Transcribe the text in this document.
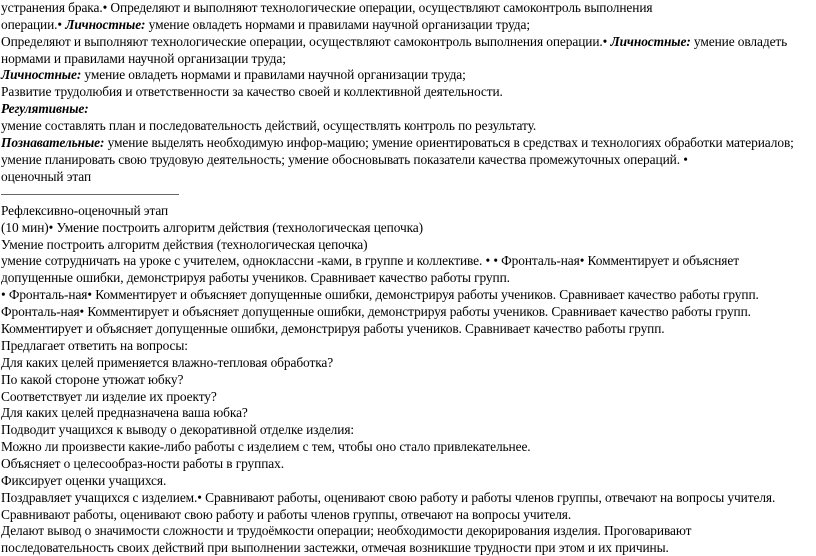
устранения брака.• Определяют и выполняют технологические операции, осуществляют самоконтроль выполнения
операции.• Личностные: умение овладеть нормами и правилами научной организации труда;
Определяют и выполняют технологические операции, осуществляют самоконтроль выполнения операции.• Личностные: умение овладеть
нормами и правилами научной организации труда;
Личностные: умение овладеть нормами и правилами научной организации труда;
Развитие трудолюбия и ответственности за качество своей и коллективной деятельности.
Регулятивные:
умение составлять план и последовательность действий, осуществлять контроль по результату.
Познавательные: умение выделять необходимую инфор-мацию; умение ориентироваться в средствах и технологиях обработки материалов;
умение планировать свою трудовую деятельность; умение обосновывать показатели качества промежуточных операций. •
оценочный этап
Рефлексивно-оценочный этап
(10 мин)• Умение построить алгоритм действия (технологическая цепочка)
Умение построить алгоритм действия (технологическая цепочка)
умение сотрудничать на уроке с учителем, одноклассни -ками, в группе и коллективе. • • Фронталь-ная• Комментирует и объясняет
допущенные ошибки, демонстрируя работы учеников. Сравнивает качество работы групп.
• Фронталь-ная• Комментирует и объясняет допущенные ошибки, демонстрируя работы учеников. Сравнивает качество работы групп.
Фронталь-ная• Комментирует и объясняет допущенные ошибки, демонстрируя работы учеников. Сравнивает качество работы групп.
Комментирует и объясняет допущенные ошибки, демонстрируя работы учеников. Сравнивает качество работы групп.
Предлагает ответить на вопросы:
Для каких целей применяется влажно-тепловая обработка?
По какой стороне утюжат юбку?
Соответствует ли изделие их проекту?
Для каких целей предназначена ваша юбка?
Подводит учащихся к выводу о декоративной отделке изделия:
Можно ли произвести какие-либо работы с изделием с тем, чтобы оно стало привлекательнее.
Объясняет о целесообраз-ности работы в группах.
Фиксирует оценки учащихся.
Поздравляет учащихся с изделием.• Сравнивают работы, оценивают свою работу и работы членов группы, отвечают на вопросы учителя.
Сравнивают работы, оценивают свою работу и работы членов группы, отвечают на вопросы учителя.
Делают вывод о значимости сложности и трудоёмкости операции; необходимости декорирования изделия. Проговаривают
последовательность своих действий при выполнении застежки, отмечая возникшие трудности при этом и их причины.
